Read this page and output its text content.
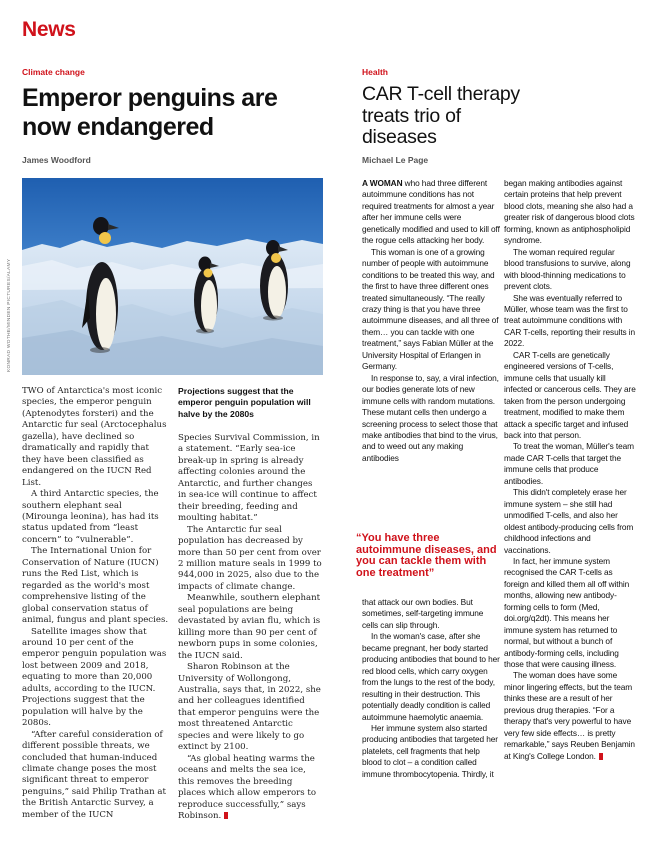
News
Climate change
Emperor penguins are now endangered
James Woodford
KONRAD WOTHE/MINDEN PICTURES/ALAMY

TWO of Antarctica's most iconic species, the emperor penguin (Aptenodytes forsteri) and the Antarctic fur seal (Arctocephalus gazella), have declined so dramatically and rapidly that they have been classified as endangered on the IUCN Red List.

A third Antarctic species, the southern elephant seal (Mirounga leonina), has had its status updated from “least concern” to “vulnerable”.

The International Union for Conservation of Nature (IUCN) runs the Red List, which is regarded as the world's most comprehensive listing of the global conservation status of animal, fungus and plant species.

Satellite images show that around 10 per cent of the emperor penguin population was lost between 2009 and 2018, equating to more than 20,000 adults, according to the IUCN. Projections suggest that the population will halve by the 2080s.

“After careful consideration of different possible threats, we concluded that human-induced climate change poses the most significant threat to emperor penguins,” said Philip Trathan at the British Antarctic Survey, a member of the IUCN

Projections suggest that the emperor penguin population will halve by the 2080s

Species Survival Commission, in a statement. “Early sea-ice break-up in spring is already affecting colonies around the Antarctic, and further changes in sea-ice will continue to affect their breeding, feeding and moulting habitat.”

The Antarctic fur seal population has decreased by more than 50 per cent from over 2 million mature seals in 1999 to 944,000 in 2025, also due to the impacts of climate change.

Meanwhile, southern elephant seal populations are being devastated by avian flu, which is killing more than 90 per cent of newborn pups in some colonies, the IUCN said.

Sharon Robinson at the University of Wollongong, Australia, says that, in 2022, she and her colleagues identified that emperor penguins were the most threatened Antarctic species and were likely to go extinct by 2100.

“As global heating warms the oceans and melts the sea ice, this removes the breeding places which allow emperors to reproduce successfully,” says Robinson.

Health
CAR T-cell therapy treats trio of diseases
Michael Le Page

A WOMAN who had three different autoimmune conditions has not required treatments for almost a year after her immune cells were genetically modified and used to kill off the rogue cells attacking her body.

This woman is one of a growing number of people with autoimmune conditions to be treated this way, and the first to have three different ones treated simultaneously. “The really crazy thing is that you have three autoimmune diseases, and all three of them… you can tackle with one treatment,” says Fabian Müller at the University Hospital of Erlangen in Germany.

In response to, say, a viral infection, our bodies generate lots of new immune cells with random mutations. These mutant cells then undergo a screening process to select those that make antibodies that bind to the virus, and to weed out any making antibodies

“You have three autoimmune diseases, and you can tackle them with one treatment”

that attack our own bodies. But sometimes, self-targeting immune cells can slip through.

In the woman's case, after she became pregnant, her body started producing antibodies that bound to her red blood cells, which carry oxygen from the lungs to the rest of the body, resulting in their destruction. This potentially deadly condition is called autoimmune haemolytic anaemia.

Her immune system also started producing antibodies that targeted her platelets, cell fragments that help blood to clot – a condition called immune thrombocytopenia. Thirdly, it

began making antibodies against certain proteins that help prevent blood clots, meaning she also had a greater risk of dangerous blood clots forming, known as antiphospholipid syndrome.

The woman required regular blood transfusions to survive, along with blood-thinning medications to prevent clots.

She was eventually referred to Müller, whose team was the first to treat autoimmune conditions with CAR T-cells, reporting their results in 2022.

CAR T-cells are genetically engineered versions of T-cells, immune cells that usually kill infected or cancerous cells. They are taken from the person undergoing treatment, modified to make them attack a specific target and infused back into that person.

To treat the woman, Müller's team made CAR T-cells that target the immune cells that produce antibodies.

This didn't completely erase her immune system – she still had unmodified T-cells, and also her oldest antibody-producing cells from childhood infections and vaccinations.

In fact, her immune system recognised the CAR T-cells as foreign and killed them all off within months, allowing new antibody-forming cells to form (Med, doi.org/q2dt). This means her immune system has returned to normal, but without a bunch of antibody-forming cells, including those that were causing illness.

The woman does have some minor lingering effects, but the team thinks these are a result of her previous drug therapies. “For a therapy that's very powerful to have very few side effects… is pretty remarkable,” says Reuben Benjamin at King's College London.
